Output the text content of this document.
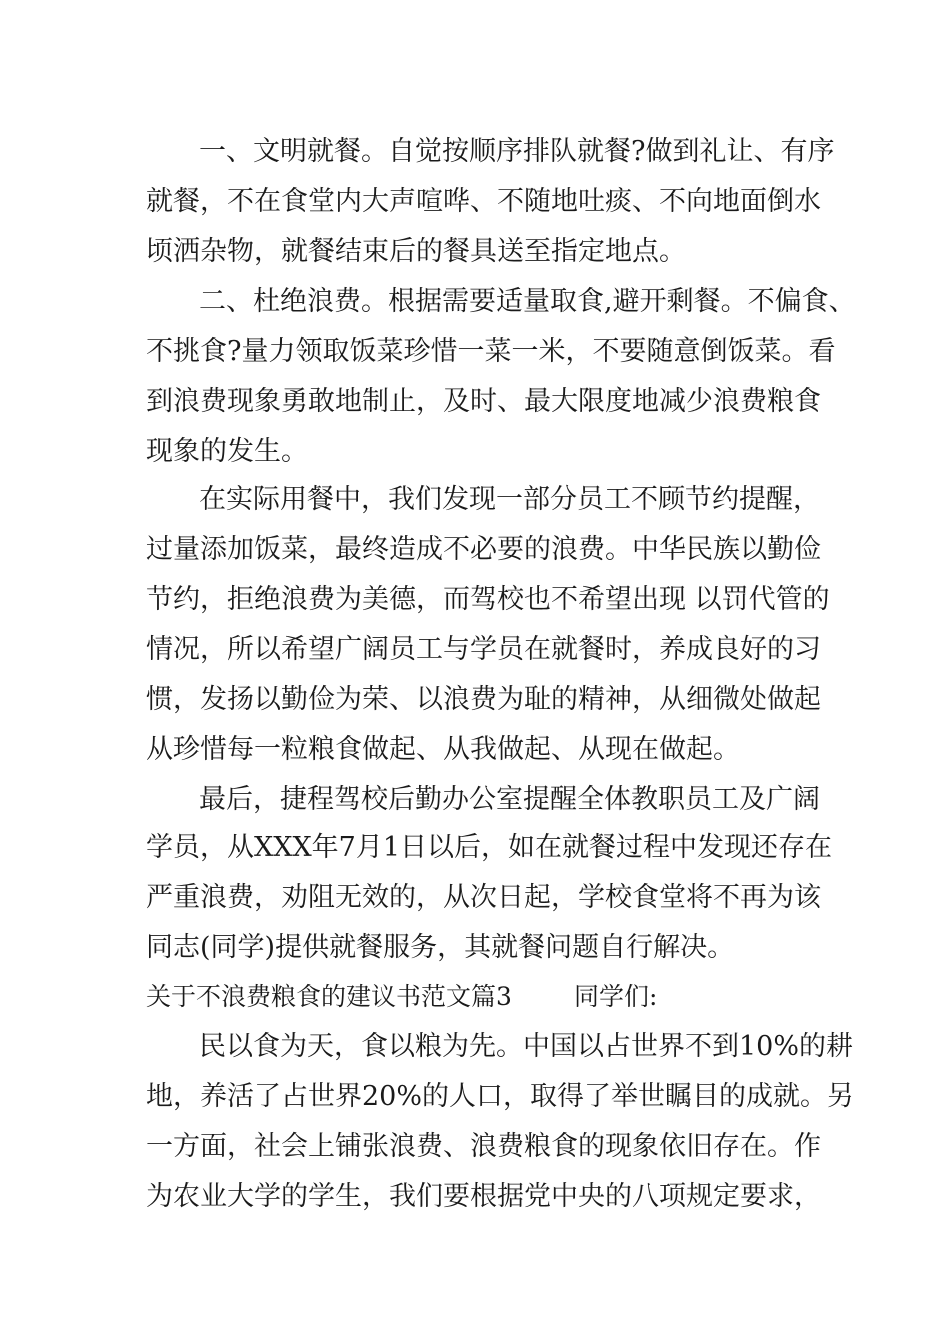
一、文明就餐。自觉按顺序排队就餐?做到礼让、有序
就餐，不在食堂内大声喧哗、不随地吐痰、不向地面倒水
顷洒杂物，就餐结束后的餐具送至指定地点。
二、杜绝浪费。根据需要适量取食,避开剩餐。不偏食、
不挑食?量力领取饭菜珍惜一菜一米，不要随意倒饭菜。看
到浪费现象勇敢地制止，及时、最大限度地减少浪费粮食
现象的发生。
在实际用餐中，我们发现一部分员工不顾节约提醒，
过量添加饭菜，最终造成不必要的浪费。中华民族以勤俭
节约，拒绝浪费为美德，而驾校也不希望出现 以罚代管的
情况，所以希望广阔员工与学员在就餐时，养成良好的习
惯，发扬以勤俭为荣、以浪费为耻的精神，从细微处做起
从珍惜每一粒粮食做起、从我做起、从现在做起。
最后，捷程驾校后勤办公室提醒全体教职员工及广阔
学员，从XXX年7月1日以后，如在就餐过程中发现还存在
严重浪费，劝阻无效的，从次日起，学校食堂将不再为该
同志(同学)提供就餐服务，其就餐问题自行解决。
关于不浪费粮食的建议书范文篇3 同学们:
民以食为天，食以粮为先。中国以占世界不到10%的耕
地，养活了占世界20%的人口，取得了举世瞩目的成就。另
一方面，社会上铺张浪费、浪费粮食的现象依旧存在。作
为农业大学的学生，我们要根据党中央的八项规定要求，
